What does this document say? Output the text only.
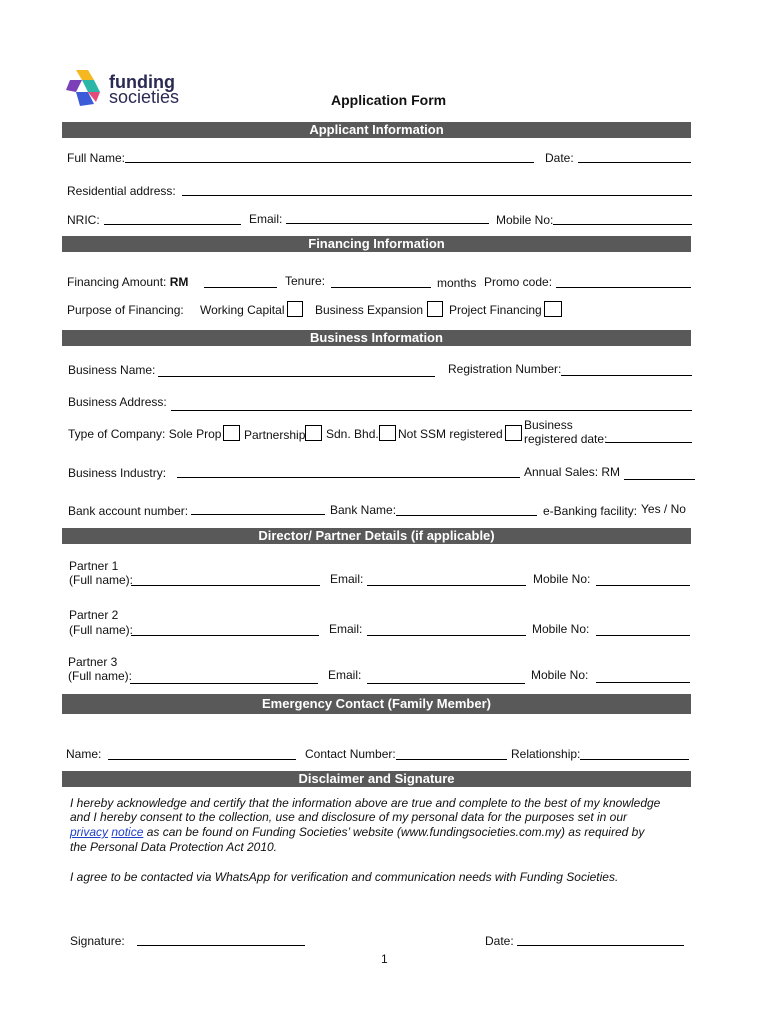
funding
societies	Application Form
Applicant Information
Full Name:	Date:
Residential address:
NRIC:	Email:	Mobile No:
Financing Information
Financing Amount: RM	Tenure:	months Promo code:
Purpose of Financing: Working Capital	Business Expansion Project Financing
Business Information
Business Name:	Registration Number:
Business Address:
Type of Company: Sole Prop Partnership Sdn. Bhd. Not SSM registered
Business
registered date:
Business Industry:	Annual Sales: RM
Bank account number:	Bank Name:	e-Banking facility: Yes / No
Director/ Partner Details (if applicable)
Partner 1
(Full name):	Email:	Mobile No:
Partner 2
(Full name):	Email:	Mobile No:
Partner 3
(Full name):	Email:	Mobile No:
Emergency Contact (Family Member)
Name:	Contact Number:	Relationship:
Disclaimer and Signature
I hereby acknowledge and certify that the information above are true and complete to the best of my knowledge
and I hereby consent to the collection, use and disclosure of my personal data for the purposes set in our
privacy notice as can be found on Funding Societies’ website (www.fundingsocieties.com.my) as required by
the Personal Data Protection Act 2010.
I agree to be contacted via WhatsApp for verification and communication needs with Funding Societies.
Signature:	Date:
1
